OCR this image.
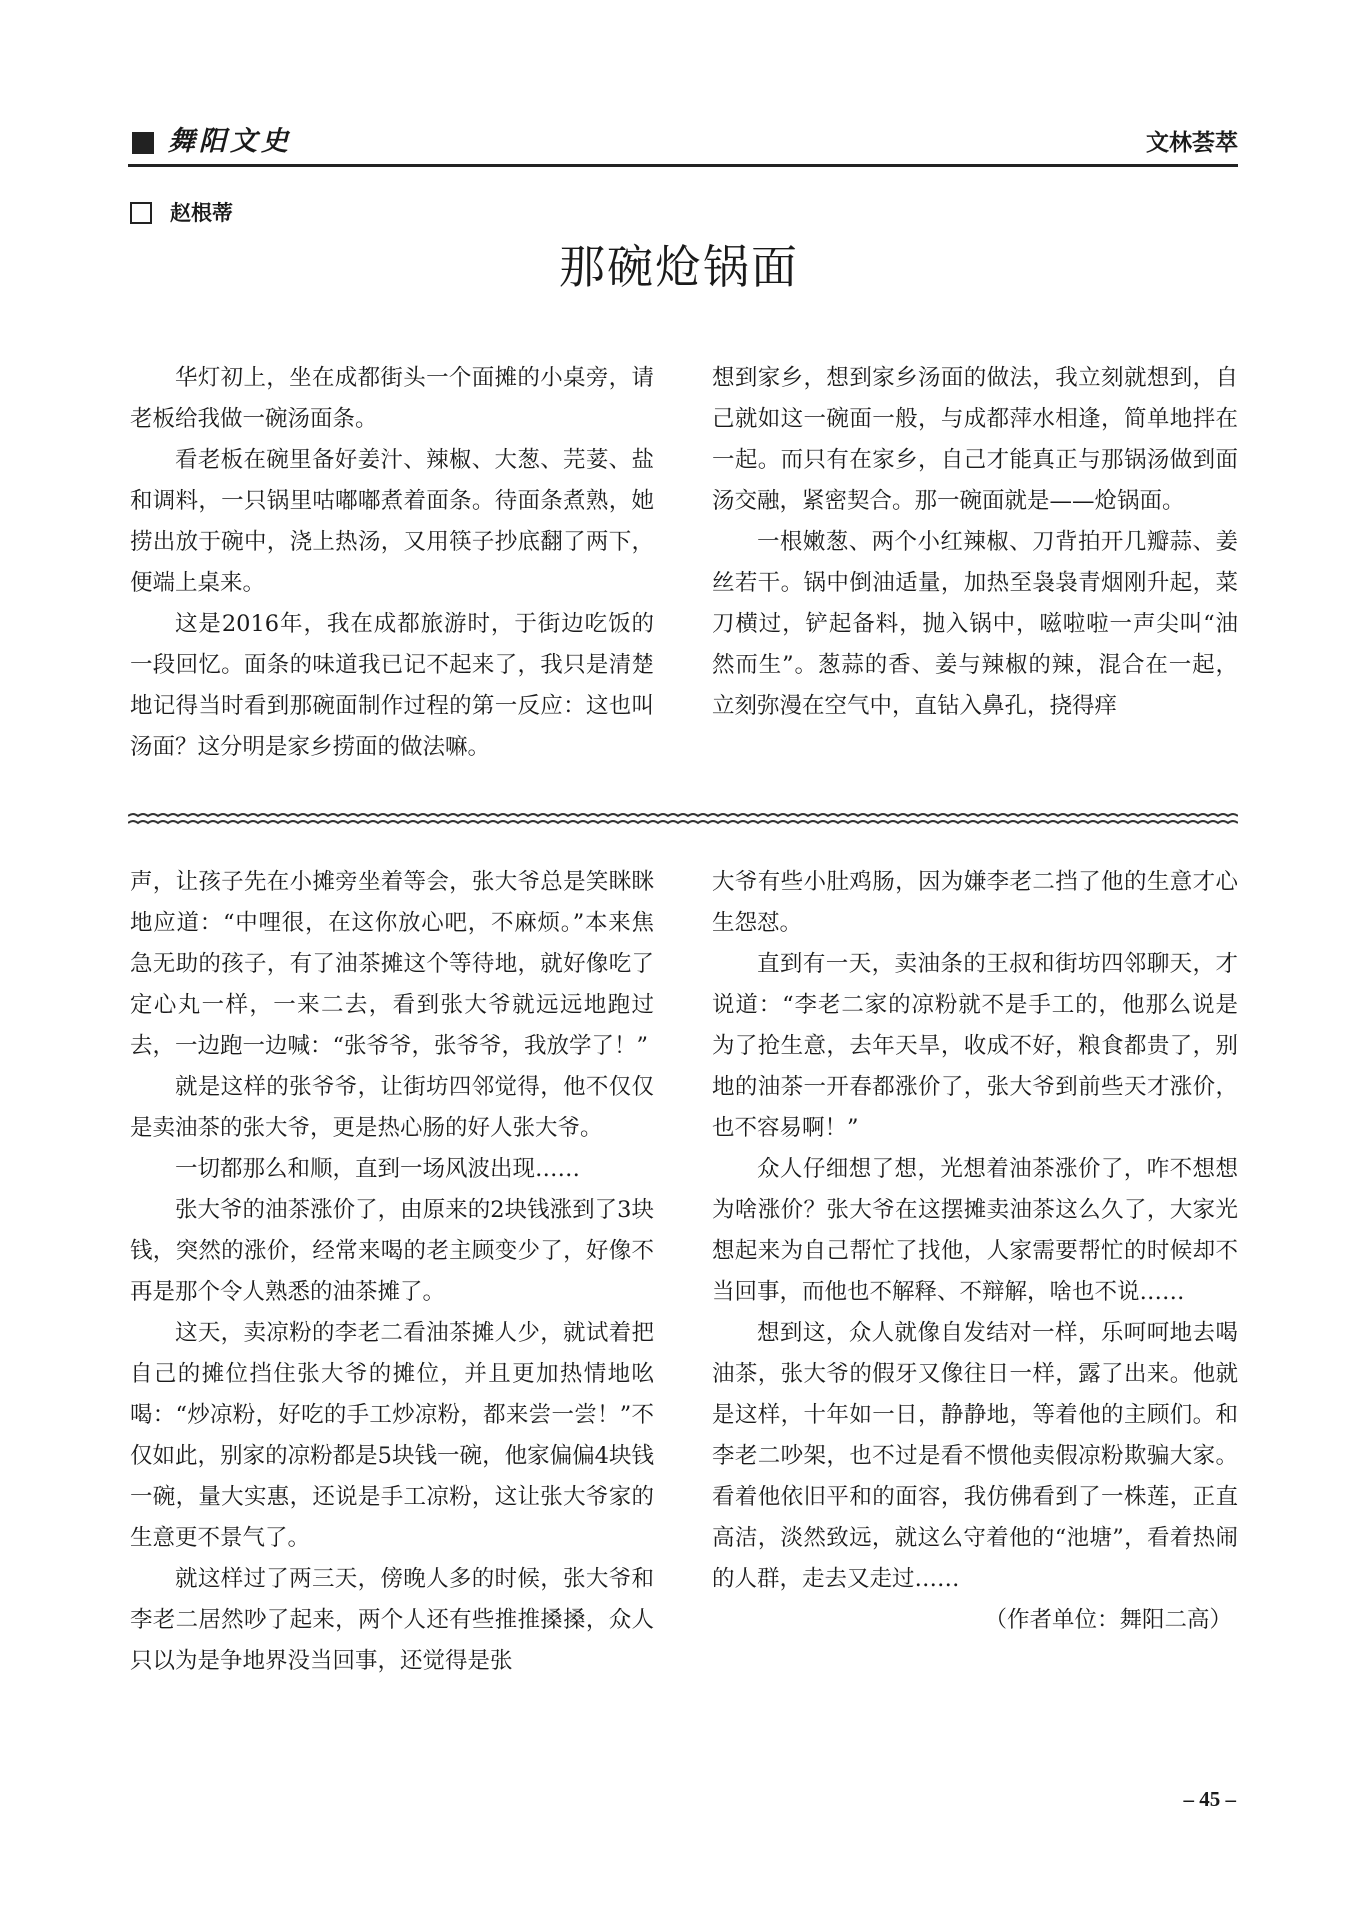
舞阳文史	文林荟萃
赵根蒂
那碗炝锅面

华灯初上，坐在成都街头一个面摊的小桌旁，请老板给我做一碗汤面条。

看老板在碗里备好姜汁、辣椒、大葱、芫荽、盐和调料，一只锅里咕嘟嘟煮着面条。待面条煮熟，她捞出放于碗中，浇上热汤，又用筷子抄底翻了两下，便端上桌来。

这是2016年，我在成都旅游时，于街边吃饭的一段回忆。面条的味道我已记不起来了，我只是清楚地记得当时看到那碗面制作过程的第一反应：这也叫汤面？这分明是家乡捞面的做法嘛。

想到家乡，想到家乡汤面的做法，我立刻就想到，自己就如这一碗面一般，与成都萍水相逢，简单地拌在一起。而只有在家乡，自己才能真正与那锅汤做到面汤交融，紧密契合。那一碗面就是——炝锅面。

一根嫩葱、两个小红辣椒、刀背拍开几瓣蒜、姜丝若干。锅中倒油适量，加热至袅袅青烟刚升起，菜刀横过，铲起备料，抛入锅中，嗞啦啦一声尖叫“油然而生”。葱蒜的香、姜与辣椒的辣，混合在一起，立刻弥漫在空气中，直钻入鼻孔，挠得痒

声，让孩子先在小摊旁坐着等会，张大爷总是笑眯眯地应道：“中哩很，在这你放心吧，不麻烦。”本来焦急无助的孩子，有了油茶摊这个等待地，就好像吃了定心丸一样，一来二去，看到张大爷就远远地跑过去，一边跑一边喊：“张爷爷，张爷爷，我放学了！”

就是这样的张爷爷，让街坊四邻觉得，他不仅仅是卖油茶的张大爷，更是热心肠的好人张大爷。

一切都那么和顺，直到一场风波出现……

张大爷的油茶涨价了，由原来的2块钱涨到了3块钱，突然的涨价，经常来喝的老主顾变少了，好像不再是那个令人熟悉的油茶摊了。

这天，卖凉粉的李老二看油茶摊人少，就试着把自己的摊位挡住张大爷的摊位，并且更加热情地吆喝：“炒凉粉，好吃的手工炒凉粉，都来尝一尝！”不仅如此，别家的凉粉都是5块钱一碗，他家偏偏4块钱一碗，量大实惠，还说是手工凉粉，这让张大爷家的生意更不景气了。

就这样过了两三天，傍晚人多的时候，张大爷和李老二居然吵了起来，两个人还有些推推搡搡，众人只以为是争地界没当回事，还觉得是张

大爷有些小肚鸡肠，因为嫌李老二挡了他的生意才心生怨怼。

直到有一天，卖油条的王叔和街坊四邻聊天，才说道：“李老二家的凉粉就不是手工的，他那么说是为了抢生意，去年天旱，收成不好，粮食都贵了，别地的油茶一开春都涨价了，张大爷到前些天才涨价，也不容易啊！”

众人仔细想了想，光想着油茶涨价了，咋不想想为啥涨价？张大爷在这摆摊卖油茶这么久了，大家光想起来为自己帮忙了找他，人家需要帮忙的时候却不当回事，而他也不解释、不辩解，啥也不说……

想到这，众人就像自发结对一样，乐呵呵地去喝油茶，张大爷的假牙又像往日一样，露了出来。他就是这样，十年如一日，静静地，等着他的主顾们。和李老二吵架，也不过是看不惯他卖假凉粉欺骗大家。看着他依旧平和的面容，我仿佛看到了一株莲，正直高洁，淡然致远，就这么守着他的“池塘”，看着热闹的人群，走去又走过……

（作者单位：舞阳二高）

– 45 –
